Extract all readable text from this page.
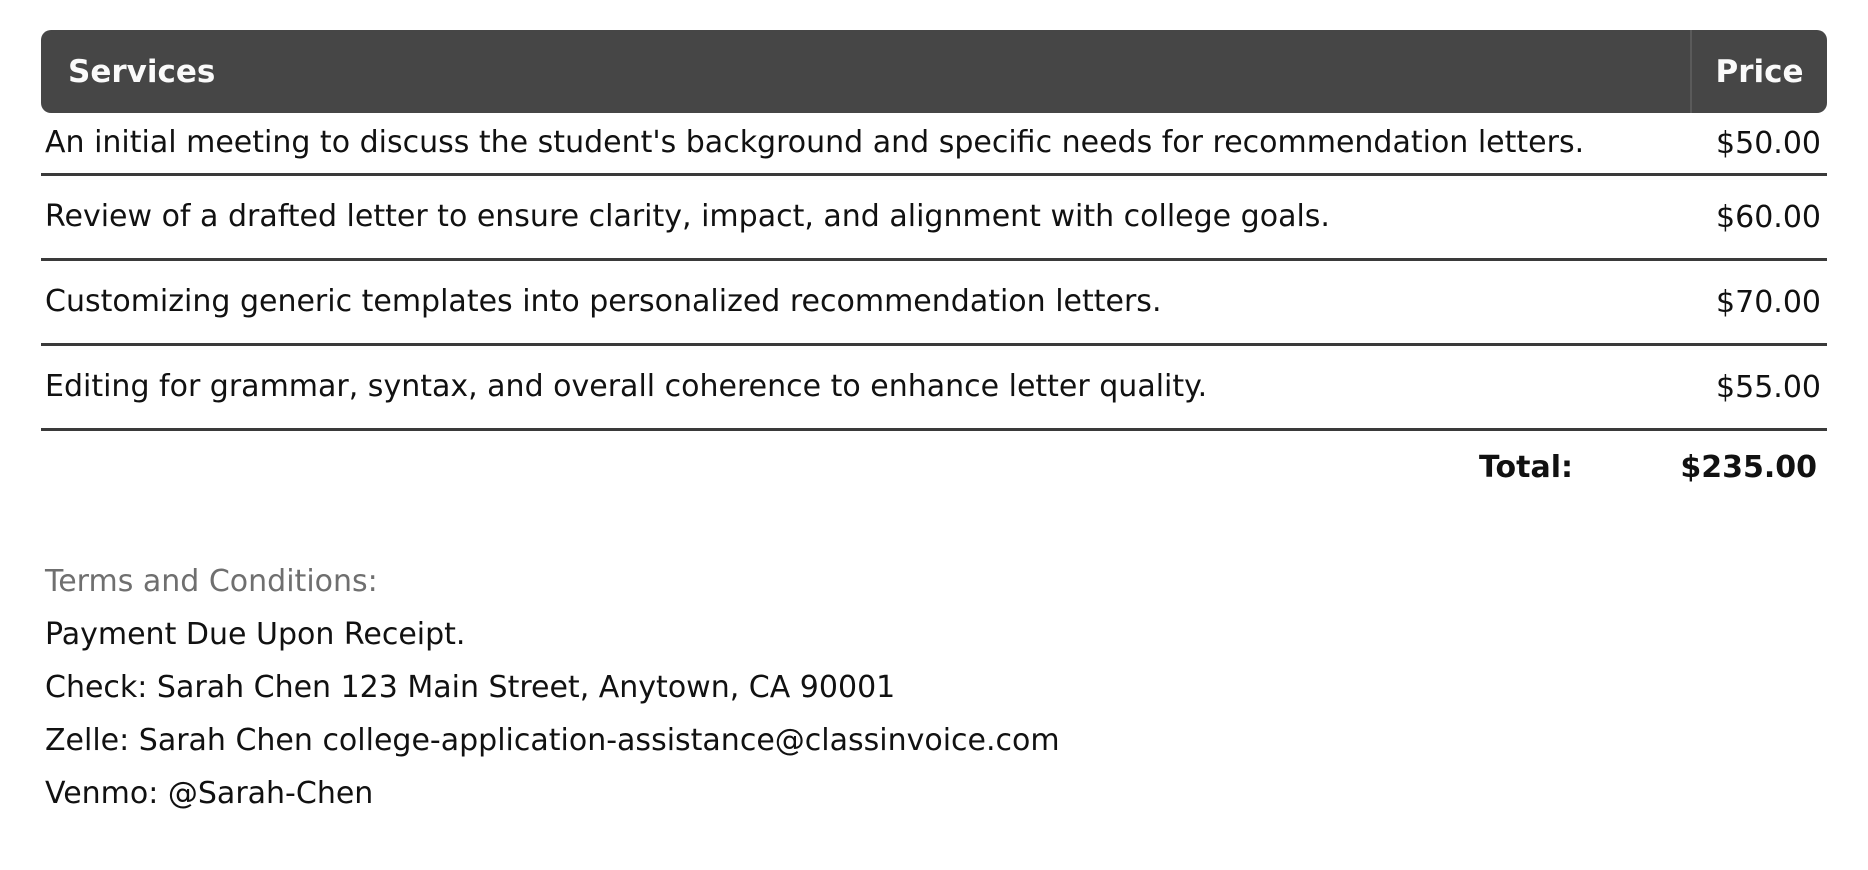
Services	Price
An initial meeting to discuss the student's background and specific needs for recommendation letters.	$50.00
Review of a drafted letter to ensure clarity, impact, and alignment with college goals.	$60.00
Customizing generic templates into personalized recommendation letters.	$70.00
Editing for grammar, syntax, and overall coherence to enhance letter quality.	$55.00
Total:	$235.00
Terms and Conditions:
Payment Due Upon Receipt.
Check: Sarah Chen 123 Main Street, Anytown, CA 90001
Zelle: Sarah Chen college-application-assistance@classinvoice.com
Venmo: @Sarah-Chen
